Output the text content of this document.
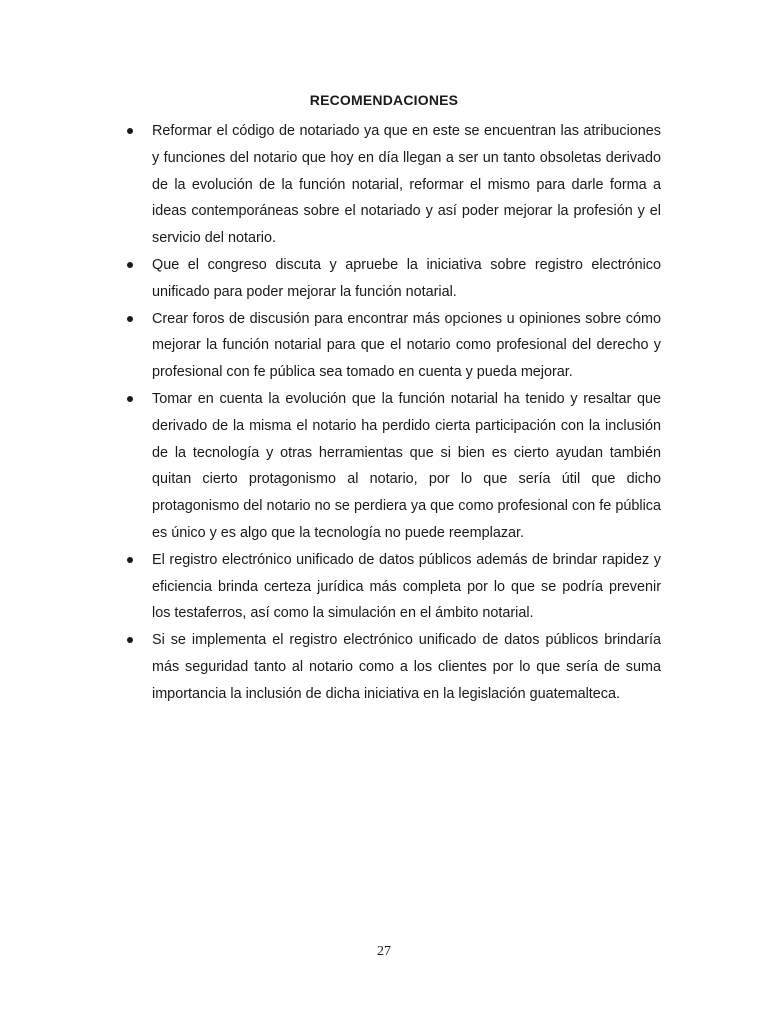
RECOMENDACIONES
Reformar el código de notariado ya que en este se encuentran las atribuciones y funciones del notario que hoy en día llegan a ser un tanto obsoletas derivado de la evolución de la función notarial, reformar el mismo para darle forma a ideas contemporáneas sobre el notariado y así poder mejorar la profesión y el servicio del notario.
Que el congreso discuta y apruebe la iniciativa sobre registro electrónico unificado para poder mejorar la función notarial.
Crear foros de discusión para encontrar más opciones u opiniones sobre cómo mejorar la función notarial para que el notario como profesional del derecho y profesional con fe pública sea tomado en cuenta y pueda mejorar.
Tomar en cuenta la evolución que la función notarial ha tenido y resaltar que derivado de la misma el notario ha perdido cierta participación con la inclusión de la tecnología y otras herramientas que si bien es cierto ayudan también quitan cierto protagonismo al notario, por lo que sería útil que dicho protagonismo del notario no se perdiera ya que como profesional con fe pública es único y es algo que la tecnología no puede reemplazar.
El registro electrónico unificado de datos públicos además de brindar rapidez y eficiencia brinda certeza jurídica más completa por lo que se podría prevenir los testaferros, así como la simulación en el ámbito notarial.
Si se implementa el registro electrónico unificado de datos públicos brindaría más seguridad tanto al notario como a los clientes por lo que sería de suma importancia la inclusión de dicha iniciativa en la legislación guatemalteca.
27
